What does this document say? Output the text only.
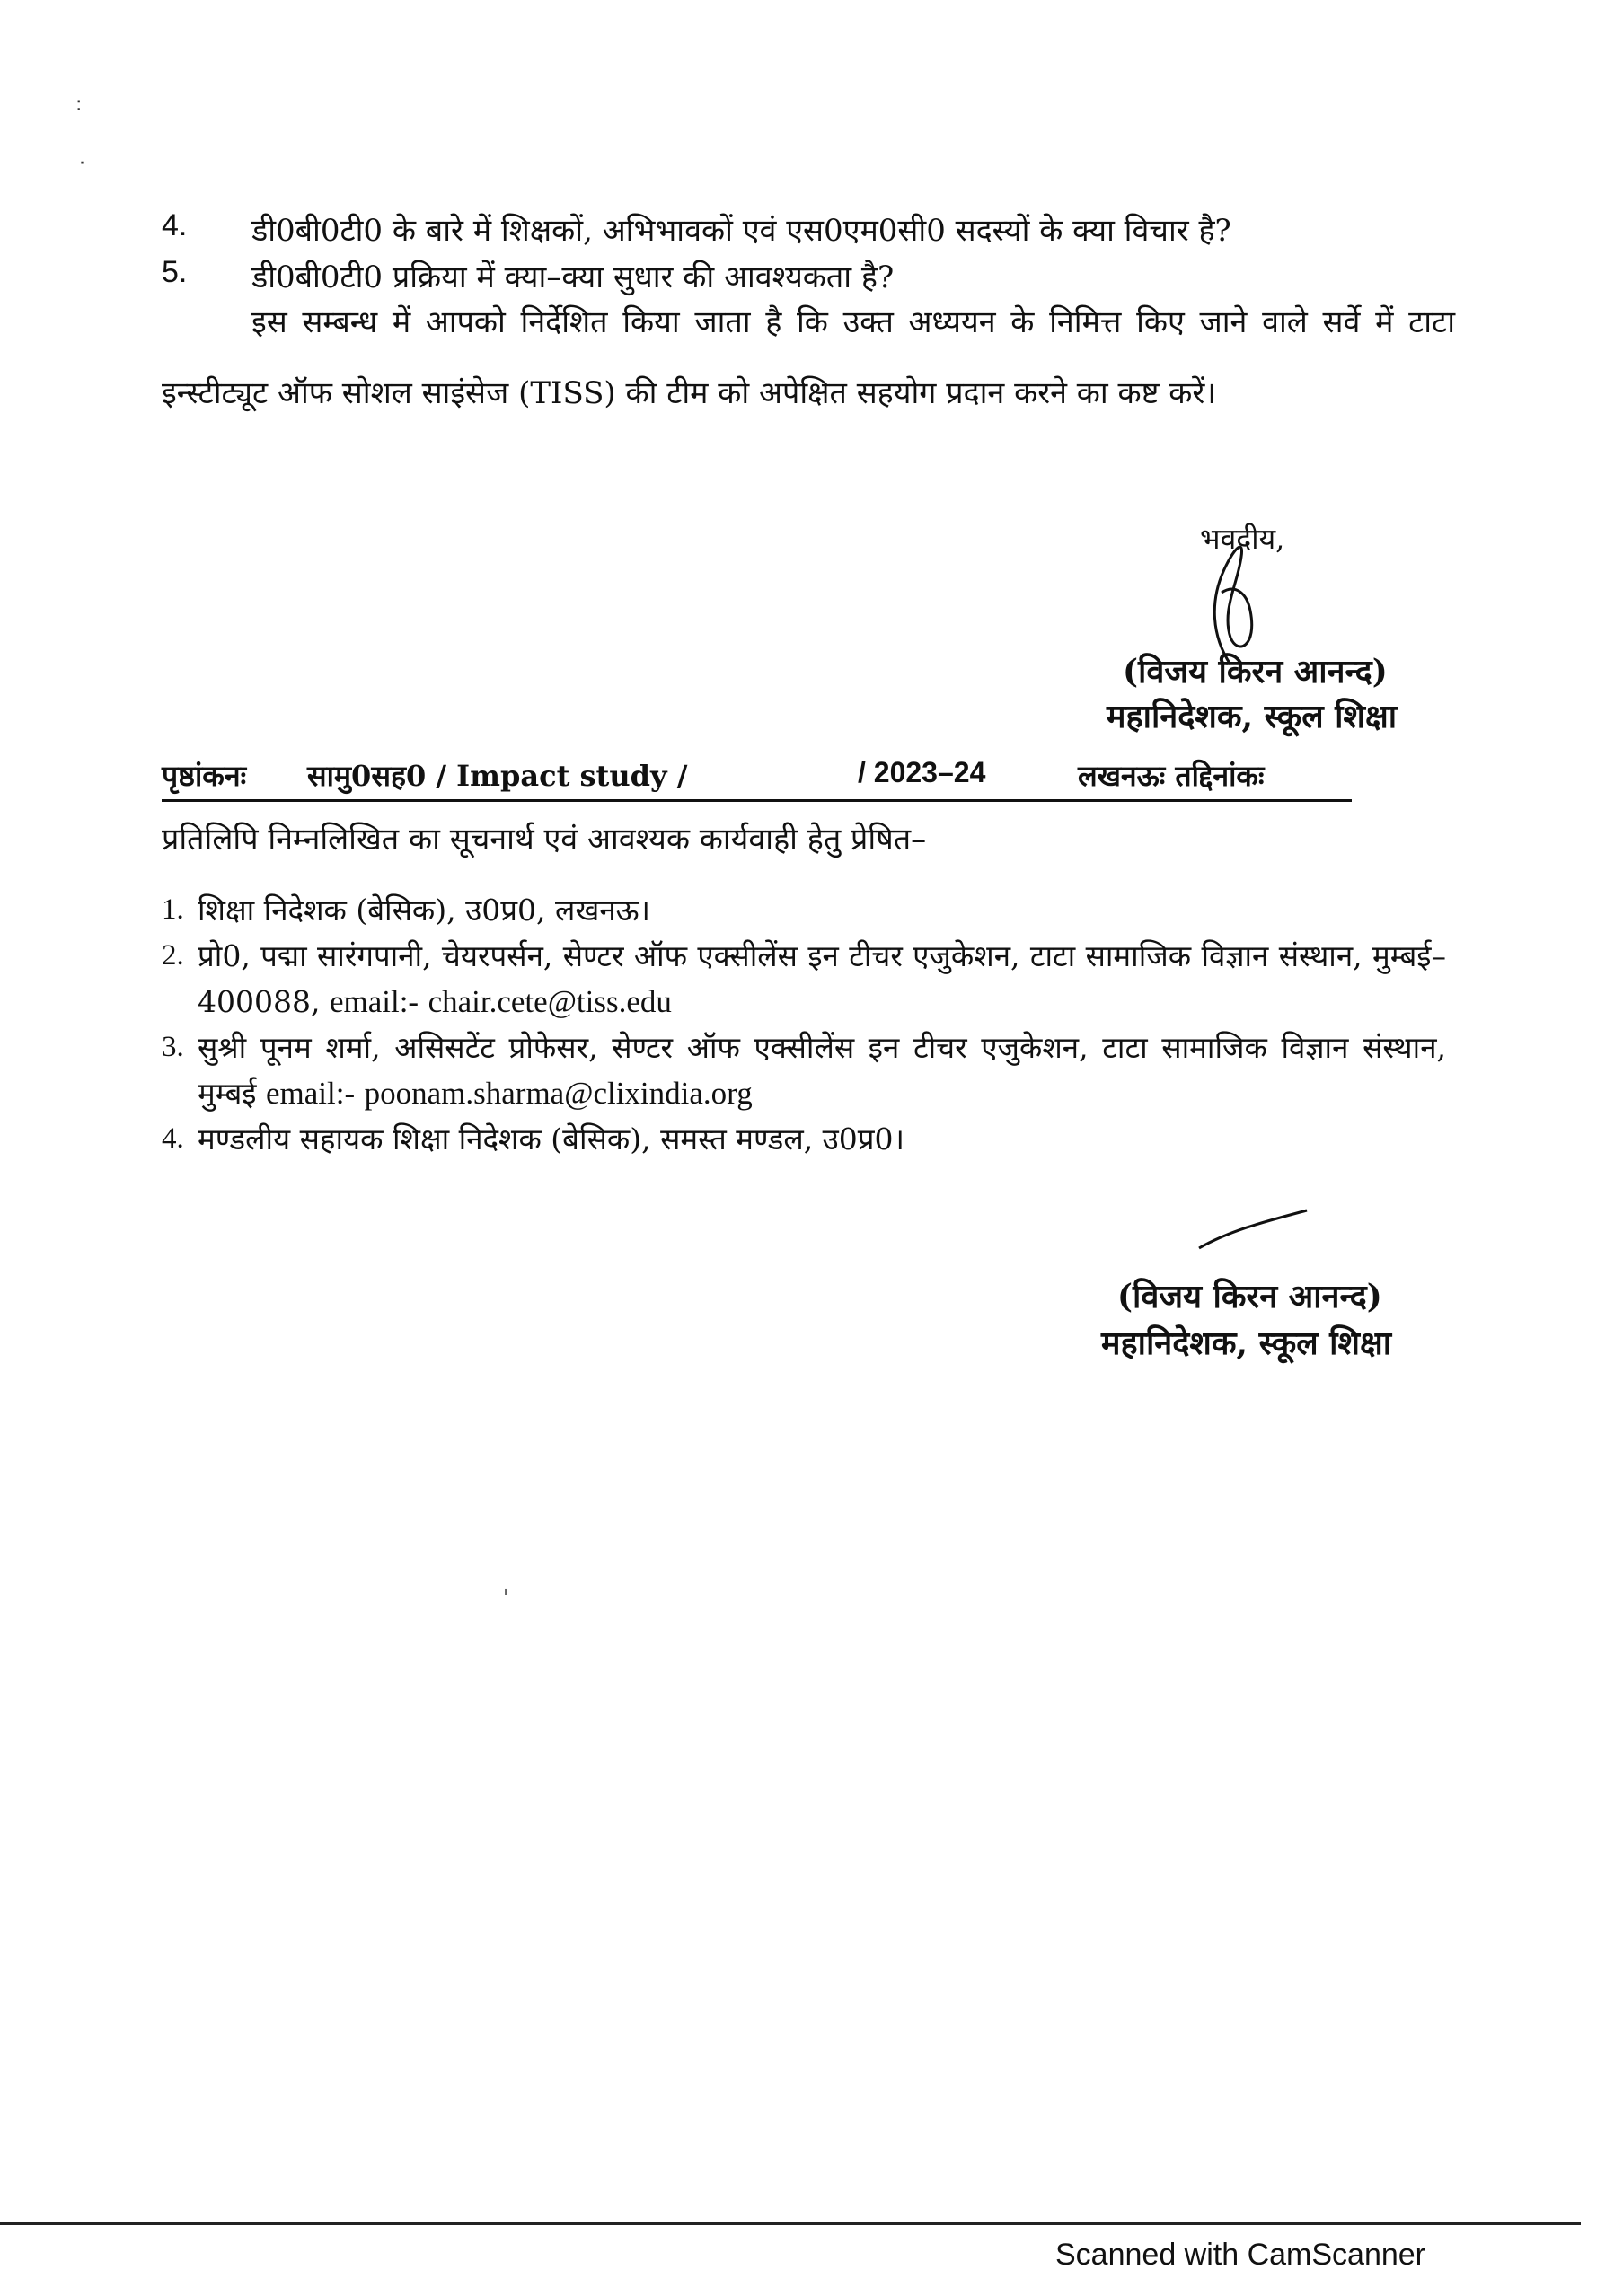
:
·
4.	डी0बी0टी0 के बारे में शिक्षकों, अभिभावकों एवं एस0एम0सी0 सदस्यों के क्या विचार है?
5.	डी0बी0टी0 प्रक्रिया में क्या–क्या सुधार की आवश्यकता है?

इस सम्बन्ध में आपको निर्देशित किया जाता है कि उक्त अध्ययन के निमित्त किए जाने वाले सर्वे में टाटा इन्स्टीट्यूट ऑफ सोशल साइंसेज (TISS) की टीम को अपेक्षित सहयोग प्रदान करने का कष्ट करें।

भवदीय,
(विजय किरन आनन्द)
महानिदेशक, स्कूल शिक्षा
पृष्ठांकनः सामु0सह0 / Impact study /	/ 2023–24	लखनऊः तद्दिनांकः
प्रतिलिपि निम्नलिखित का सूचनार्थ एवं आवश्यक कार्यवाही हेतु प्रेषित–
1. शिक्षा निदेशक (बेसिक), उ0प्र0, लखनऊ।
2. प्रो0, पद्मा सारंगपानी, चेयरपर्सन, सेण्टर ऑफ एक्सीलेंस इन टीचर एजुकेशन, टाटा सामाजिक विज्ञान संस्थान, मुम्बई–400088, email:- chair.cete@tiss.edu
3. सुश्री पूनम शर्मा, असिसटेंट प्रोफेसर, सेण्टर ऑफ एक्सीलेंस इन टीचर एजुकेशन, टाटा सामाजिक विज्ञान संस्थान, मुम्बई email:- poonam.sharma@clixindia.org
4. मण्डलीय सहायक शिक्षा निदेशक (बेसिक), समस्त मण्डल, उ0प्र0।
(विजय किरन आनन्द)
महानिदेशक, स्कूल शिक्षा
ˈ
Scanned with CamScanner
